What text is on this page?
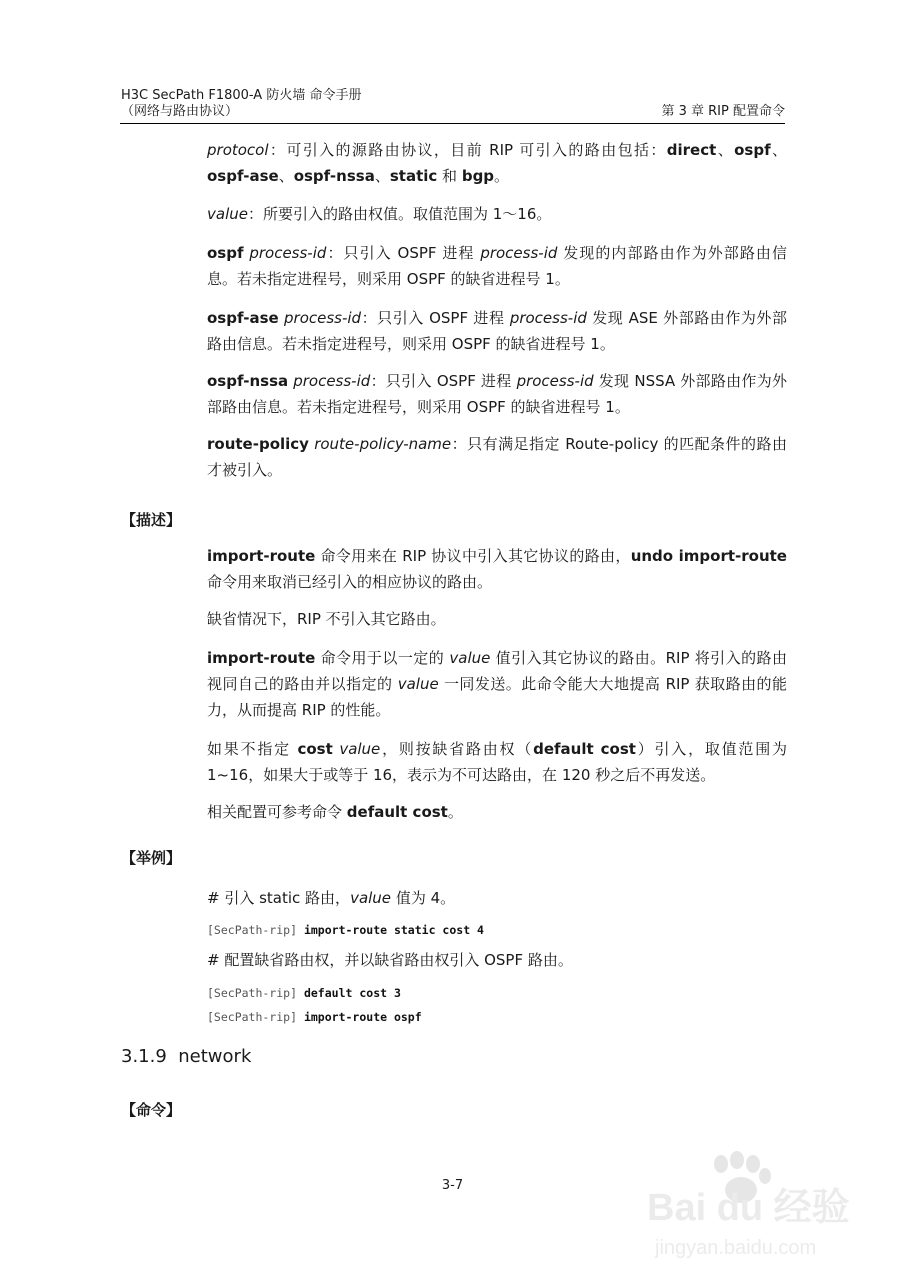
H3C SecPath F1800-A 防火墙 命令手册
（网络与路由协议）	第 3 章 RIP 配置命令
protocol：可引入的源路由协议，目前 RIP 可引入的路由包括：direct、ospf、ospf-ase、ospf-nssa、static 和 bgp。
value：所要引入的路由权值。取值范围为 1～16。
ospf process-id：只引入 OSPF 进程 process-id 发现的内部路由作为外部路由信息。若未指定进程号，则采用 OSPF 的缺省进程号 1。
ospf-ase process-id：只引入 OSPF 进程 process-id 发现 ASE 外部路由作为外部路由信息。若未指定进程号，则采用 OSPF 的缺省进程号 1。
ospf-nssa process-id：只引入 OSPF 进程 process-id 发现 NSSA 外部路由作为外部路由信息。若未指定进程号，则采用 OSPF 的缺省进程号 1。
route-policy route-policy-name：只有满足指定 Route-policy 的匹配条件的路由才被引入。
【描述】
import-route 命令用来在 RIP 协议中引入其它协议的路由，undo import-route 命令用来取消已经引入的相应协议的路由。
缺省情况下，RIP 不引入其它路由。
import-route 命令用于以一定的 value 值引入其它协议的路由。RIP 将引入的路由视同自己的路由并以指定的 value 一同发送。此命令能大大地提高 RIP 获取路由的能力，从而提高 RIP 的性能。
如果不指定 cost value，则按缺省路由权（default cost）引入，取值范围为 1~16，如果大于或等于 16，表示为不可达路由，在 120 秒之后不再发送。
相关配置可参考命令 default cost。
【举例】
# 引入 static 路由，value 值为 4。
[SecPath-rip] import-route static cost 4
# 配置缺省路由权，并以缺省路由权引入 OSPF 路由。
[SecPath-rip] default cost 3
[SecPath-rip] import-route ospf
3.1.9 network
【命令】
3-7
Bai du 经验
jingyan.baidu.com
